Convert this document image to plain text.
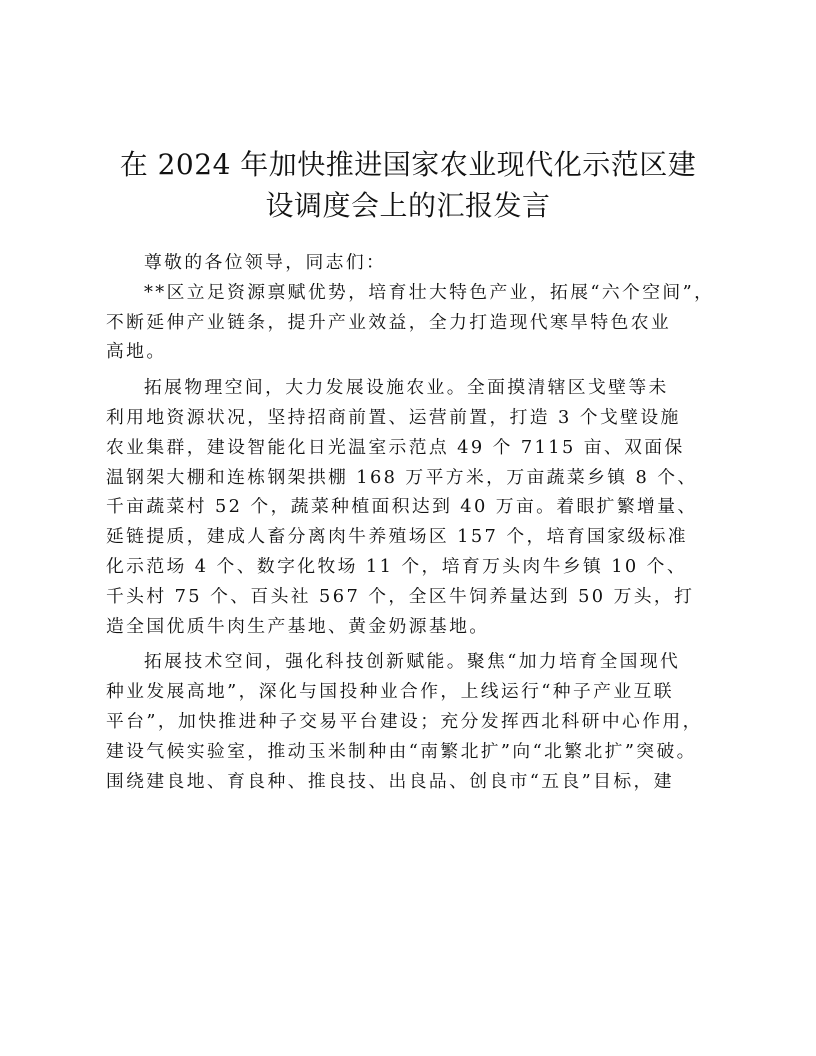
在 2024 年加快推进国家农业现代化示范区建
设调度会上的汇报发言
尊敬的各位领导，同志们：
**区立足资源禀赋优势，培育壮大特色产业，拓展“六个空间”，
不断延伸产业链条，提升产业效益，全力打造现代寒旱特色农业
高地。
拓展物理空间，大力发展设施农业。全面摸清辖区戈壁等未
利用地资源状况，坚持招商前置、运营前置，打造 3 个戈壁设施
农业集群，建设智能化日光温室示范点 49 个 7115 亩、双面保
温钢架大棚和连栋钢架拱棚 168 万平方米，万亩蔬菜乡镇 8 个、
千亩蔬菜村 52 个，蔬菜种植面积达到 40 万亩。着眼扩繁增量、
延链提质，建成人畜分离肉牛养殖场区 157 个，培育国家级标准
化示范场 4 个、数字化牧场 11 个，培育万头肉牛乡镇 10 个、
千头村 75 个、百头社 567 个，全区牛饲养量达到 50 万头，打
造全国优质牛肉生产基地、黄金奶源基地。
拓展技术空间，强化科技创新赋能。聚焦“加力培育全国现代
种业发展高地”，深化与国投种业合作，上线运行“种子产业互联
平台”，加快推进种子交易平台建设；充分发挥西北科研中心作用，
建设气候实验室，推动玉米制种由“南繁北扩”向“北繁北扩”突破。
围绕建良地、育良种、推良技、出良品、创良市“五良”目标，建
